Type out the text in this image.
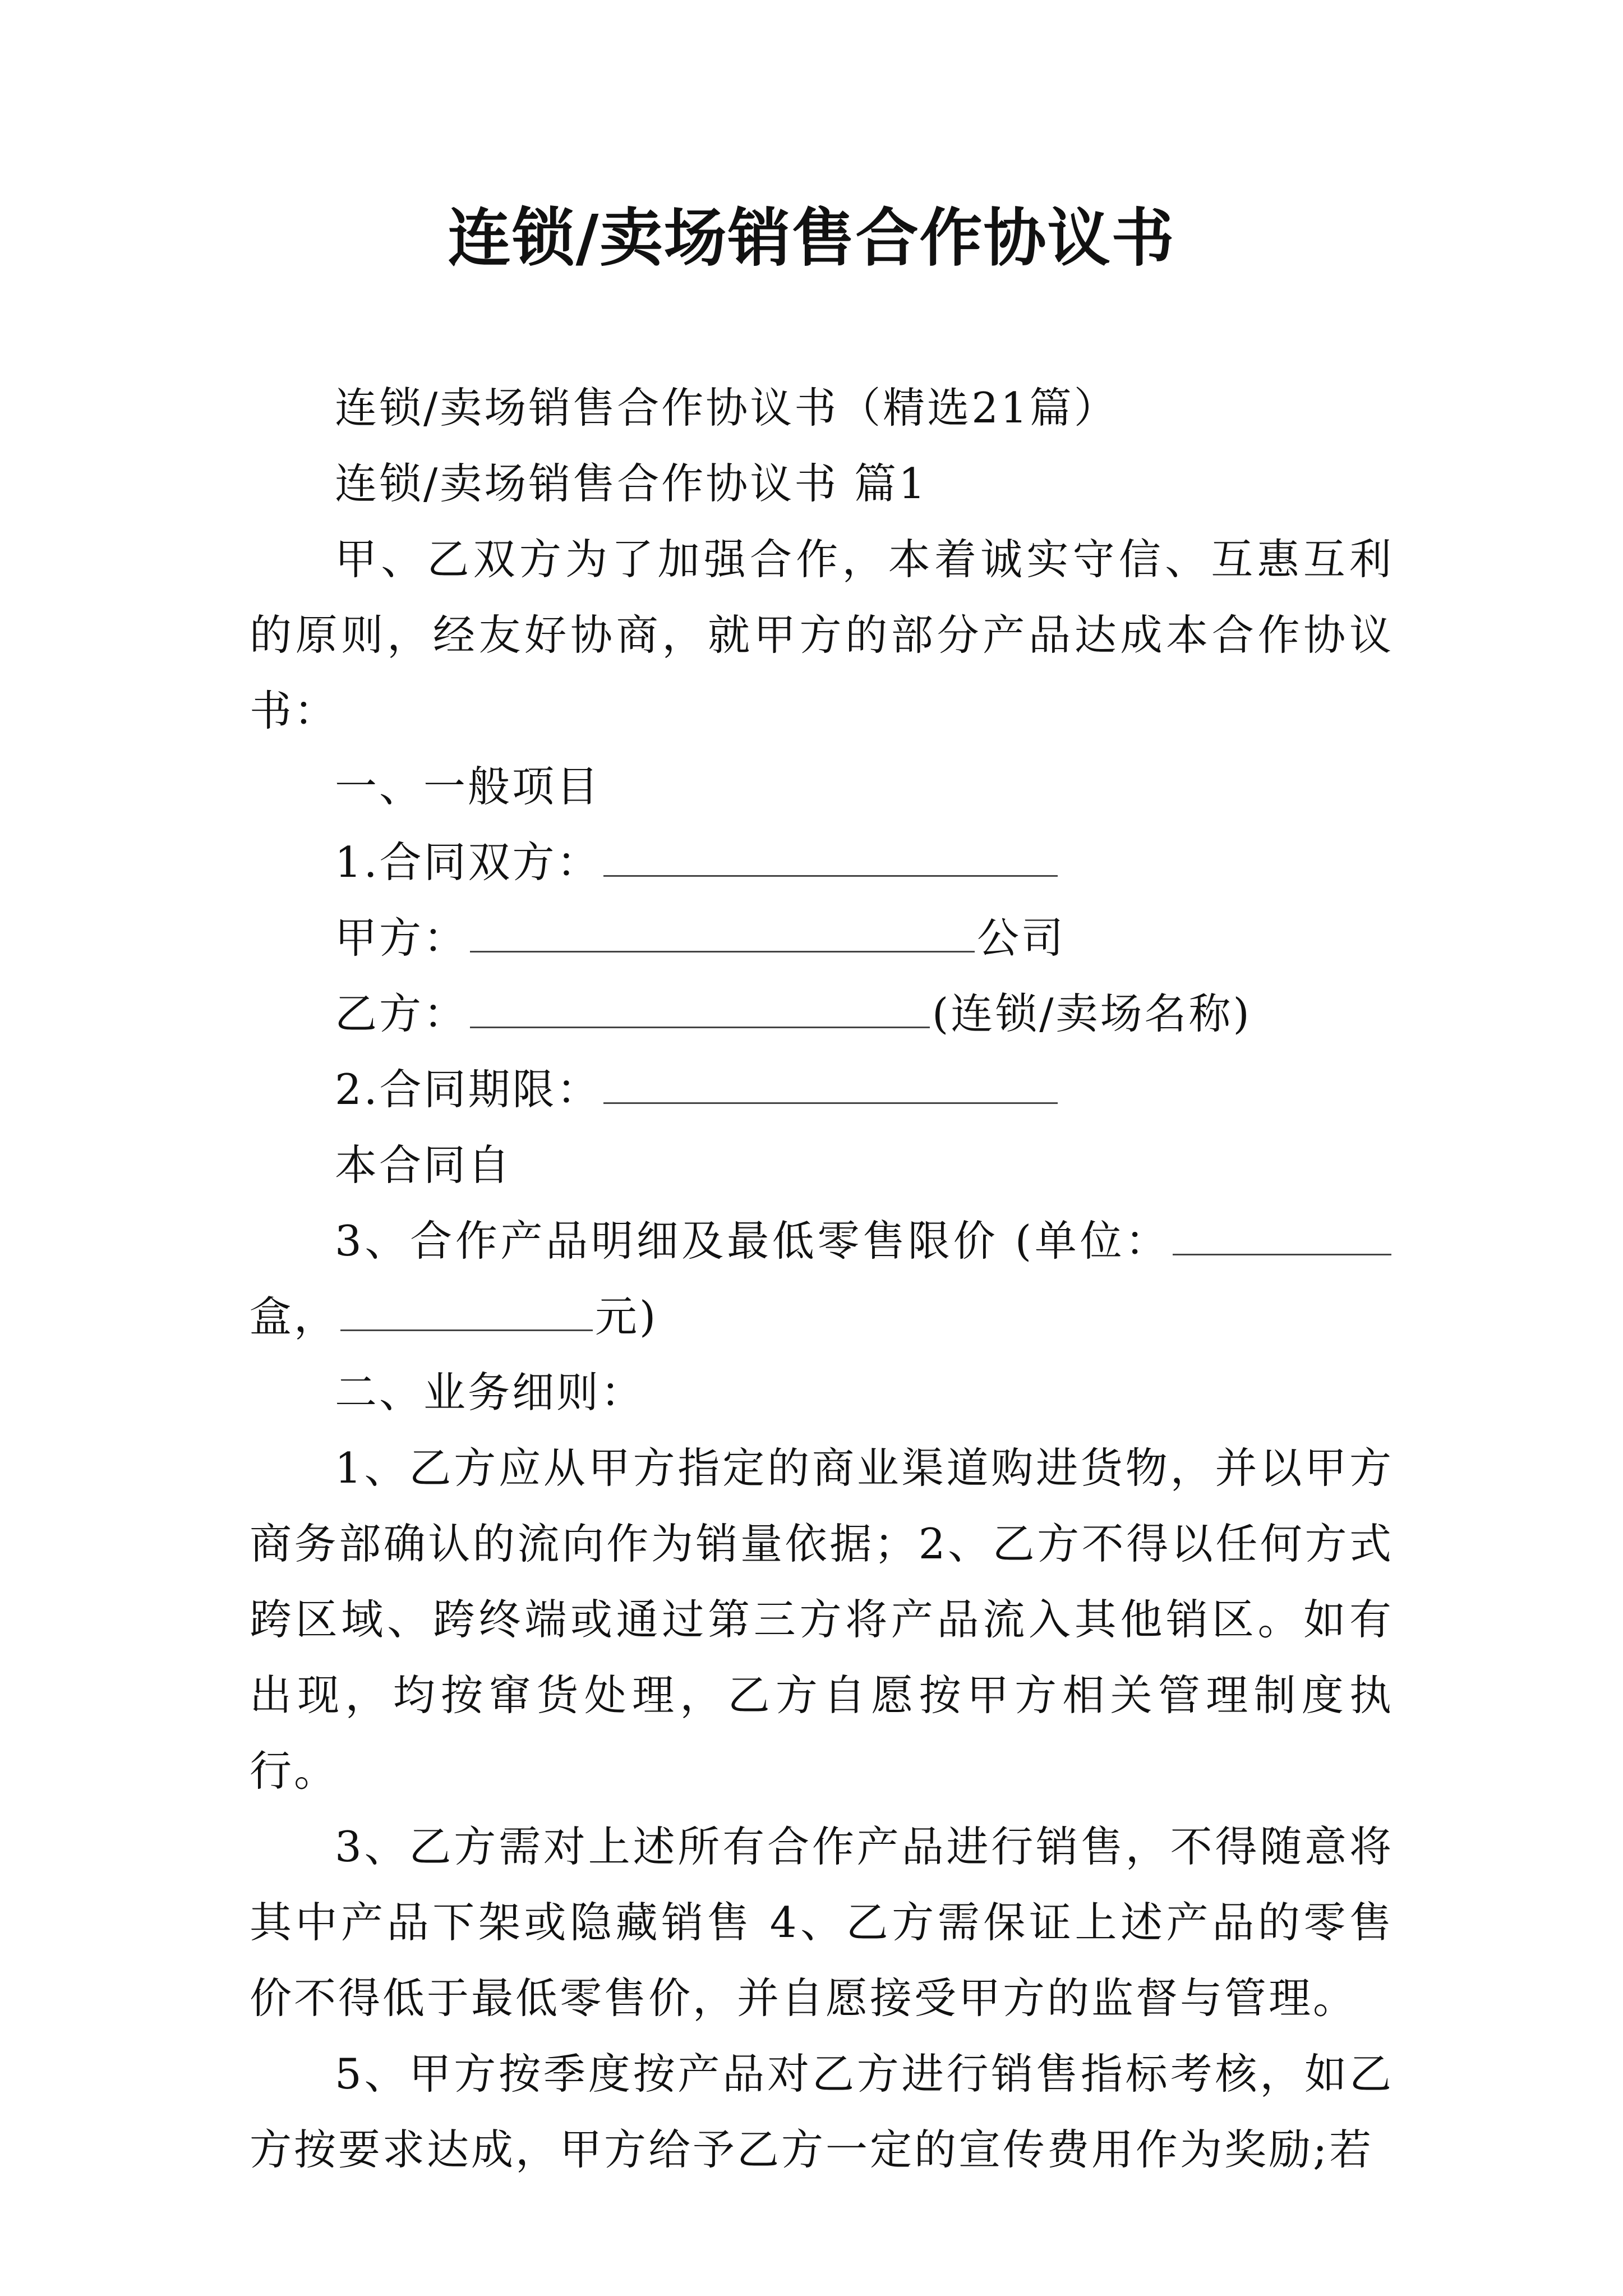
连锁/卖场销售合作协议书

连锁/卖场销售合作协议书（精选21篇）

连锁/卖场销售合作协议书 篇1

甲、乙双方为了加强合作，本着诚实守信、互惠互利的原则，经友好协商，就甲方的部分产品达成本合作协议书：

一、一般项目

1.合同双方：

甲方：	公司

乙方：	(连锁/卖场名称)

2.合同期限：

本合同自

3、合作产品明细及最低零售限价 (单位：盒，	元)

二、业务细则：

1、乙方应从甲方指定的商业渠道购进货物，并以甲方商务部确认的流向作为销量依据；2、乙方不得以任何方式跨区域、跨终端或通过第三方将产品流入其他销区。如有出现，均按窜货处理，乙方自愿按甲方相关管理制度执行。

3、乙方需对上述所有合作产品进行销售，不得随意将其中产品下架或隐藏销售 4、乙方需保证上述产品的零售价不得低于最低零售价，并自愿接受甲方的监督与管理。

5、甲方按季度按产品对乙方进行销售指标考核，如乙方按要求达成，甲方给予乙方一定的宣传费用作为奖励;若
